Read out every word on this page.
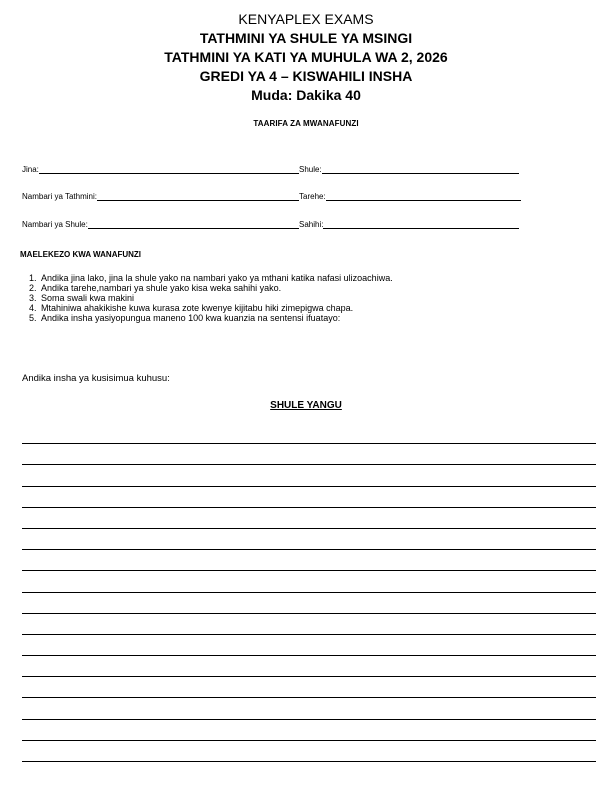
KENYAPLEX EXAMS
TATHMINI YA SHULE YA MSINGI
TATHMINI YA KATI YA MUHULA WA 2, 2026
GREDI YA 4 – KISWAHILI INSHA
Muda: Dakika 40
TAARIFA ZA MWANAFUNZI
Jina:	Shule:
Nambari ya Tathmini:	Tarehe:
Nambari ya Shule:	Sahihi:
MAELEKEZO KWA WANAFUNZI
1. Andika jina lako, jina la shule yako na nambari yako ya mthani katika nafasi ulizoachiwa.
2. Andika tarehe,nambari ya shule yako kisa weka sahihi yako.
3. Soma swali kwa makini
4. Mtahiniwa ahakikishe kuwa kurasa zote kwenye kijitabu hiki zimepigwa chapa.
5. Andika insha yasiyopungua maneno 100 kwa kuanzia na sentensi ifuatayo:
Andika insha ya kusisimua kuhusu:
SHULE YANGU
